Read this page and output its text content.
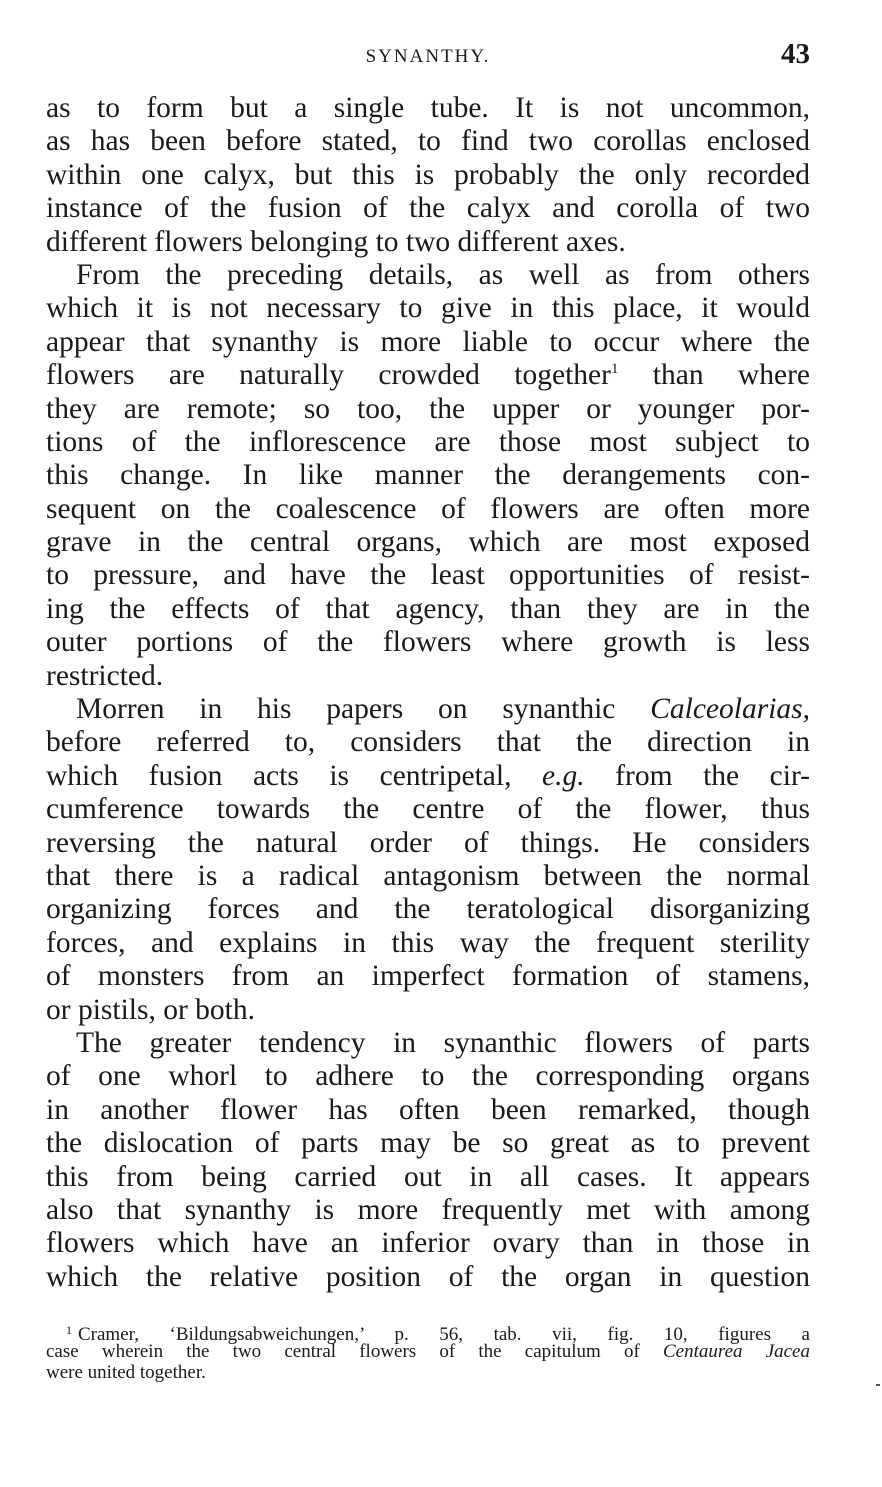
SYNANTHY.	43
as to form but a single tube. It is not uncommon,
as has been before stated, to find two corollas enclosed
within one calyx, but this is probably the only recorded
instance of the fusion of the calyx and corolla of two
different flowers belonging to two different axes.
From the preceding details, as well as from others
which it is not necessary to give in this place, it would
appear that synanthy is more liable to occur where the
flowers are naturally crowded together$^1$ than where
they are remote; so too, the upper or younger por-
tions of the inflorescence are those most subject to
this change. In like manner the derangements con-
sequent on the coalescence of flowers are often more
grave in the central organs, which are most exposed
to pressure, and have the least opportunities of resist-
ing the effects of that agency, than they are in the
outer portions of the flowers where growth is less
restricted.
Morren in his papers on synanthic Calceolarias,
before referred to, considers that the direction in
which fusion acts is centripetal, e.g. from the cir-
cumference towards the centre of the flower, thus
reversing the natural order of things. He considers
that there is a radical antagonism between the normal
organizing forces and the teratological disorganizing
forces, and explains in this way the frequent sterility
of monsters from an imperfect formation of stamens,
or pistils, or both.
The greater tendency in synanthic flowers of parts
of one whorl to adhere to the corresponding organs
in another flower has often been remarked, though
the dislocation of parts may be so great as to prevent
this from being carried out in all cases. It appears
also that synanthy is more frequently met with among
flowers which have an inferior ovary than in those in
which the relative position of the organ in question
$^1$ Cramer, ‘Bildungsabweichungen,’ p. 56, tab. vii, fig. 10, figures a
case wherein the two central flowers of the capitulum of Centaurea Jacea
were united together.
